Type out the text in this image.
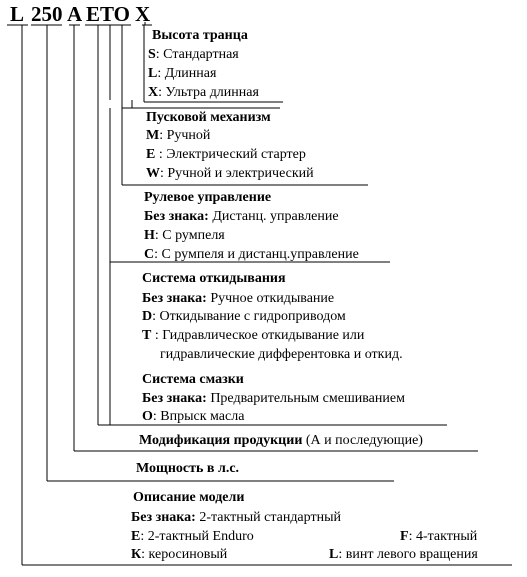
L 250 A ETO X
Высота транца
S: Стандартная
L: Длинная
X: Ультра длинная
Пусковой механизм
M: Ручной
E : Электрический стартер
W: Ручной и электрический
Рулевое управление
Без знака: Дистанц. управление
H: С румпеля
C: С румпеля и дистанц.управление
Система откидывания
Без знака: Ручное откидывание
D: Откидывание с гидроприводом
T : Гидравлическое откидывание или
гидравлические дифферентовка и откид.
Система смазки
Без знака: Предварительным смешиванием
O: Впрыск масла
Модификация продукции (А и последующие)
Мощность в л.с.
Описание модели
Без знака: 2-тактный стандартный
E: 2-тактный Enduro	F: 4-тактный
К: керосиновый	L: винт левого вращения
